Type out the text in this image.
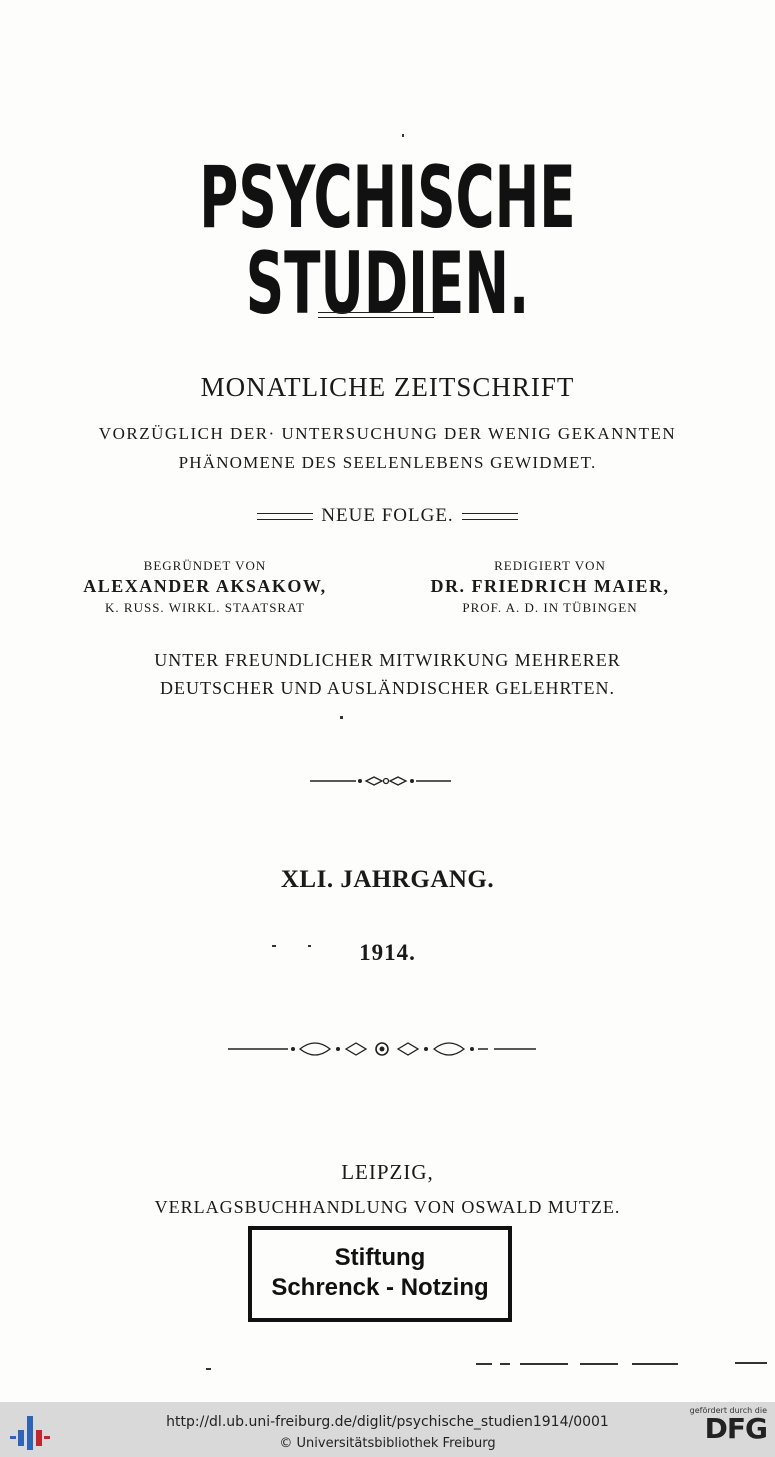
PSYCHISCHE STUDIEN.
MONATLICHE ZEITSCHRIFT
VORZÜGLICH DER· UNTERSUCHUNG DER WENIG GEKANNTEN
PHÄNOMENE DES SEELENLEBENS GEWIDMET.
NEUE FOLGE.
BEGRÜNDET VON
ALEXANDER AKSAKOW,
K. RUSS. WIRKL. STAATSRAT
REDIGIERT VON
DR. FRIEDRICH MAIER,
PROF. A. D. IN TÜBINGEN
UNTER FREUNDLICHER MITWIRKUNG MEHRERER
DEUTSCHER UND AUSLÄNDISCHER GELEHRTEN.
XLI. JAHRGANG.
1914.
LEIPZIG,
VERLAGSBUCHHANDLUNG VON OSWALD MUTZE.
Stiftung
Schrenck - Notzing
http://dl.ub.uni-freiburg.de/diglit/psychische_studien1914/0001
© Universitätsbibliothek Freiburg
gefördert durch die
DFG
